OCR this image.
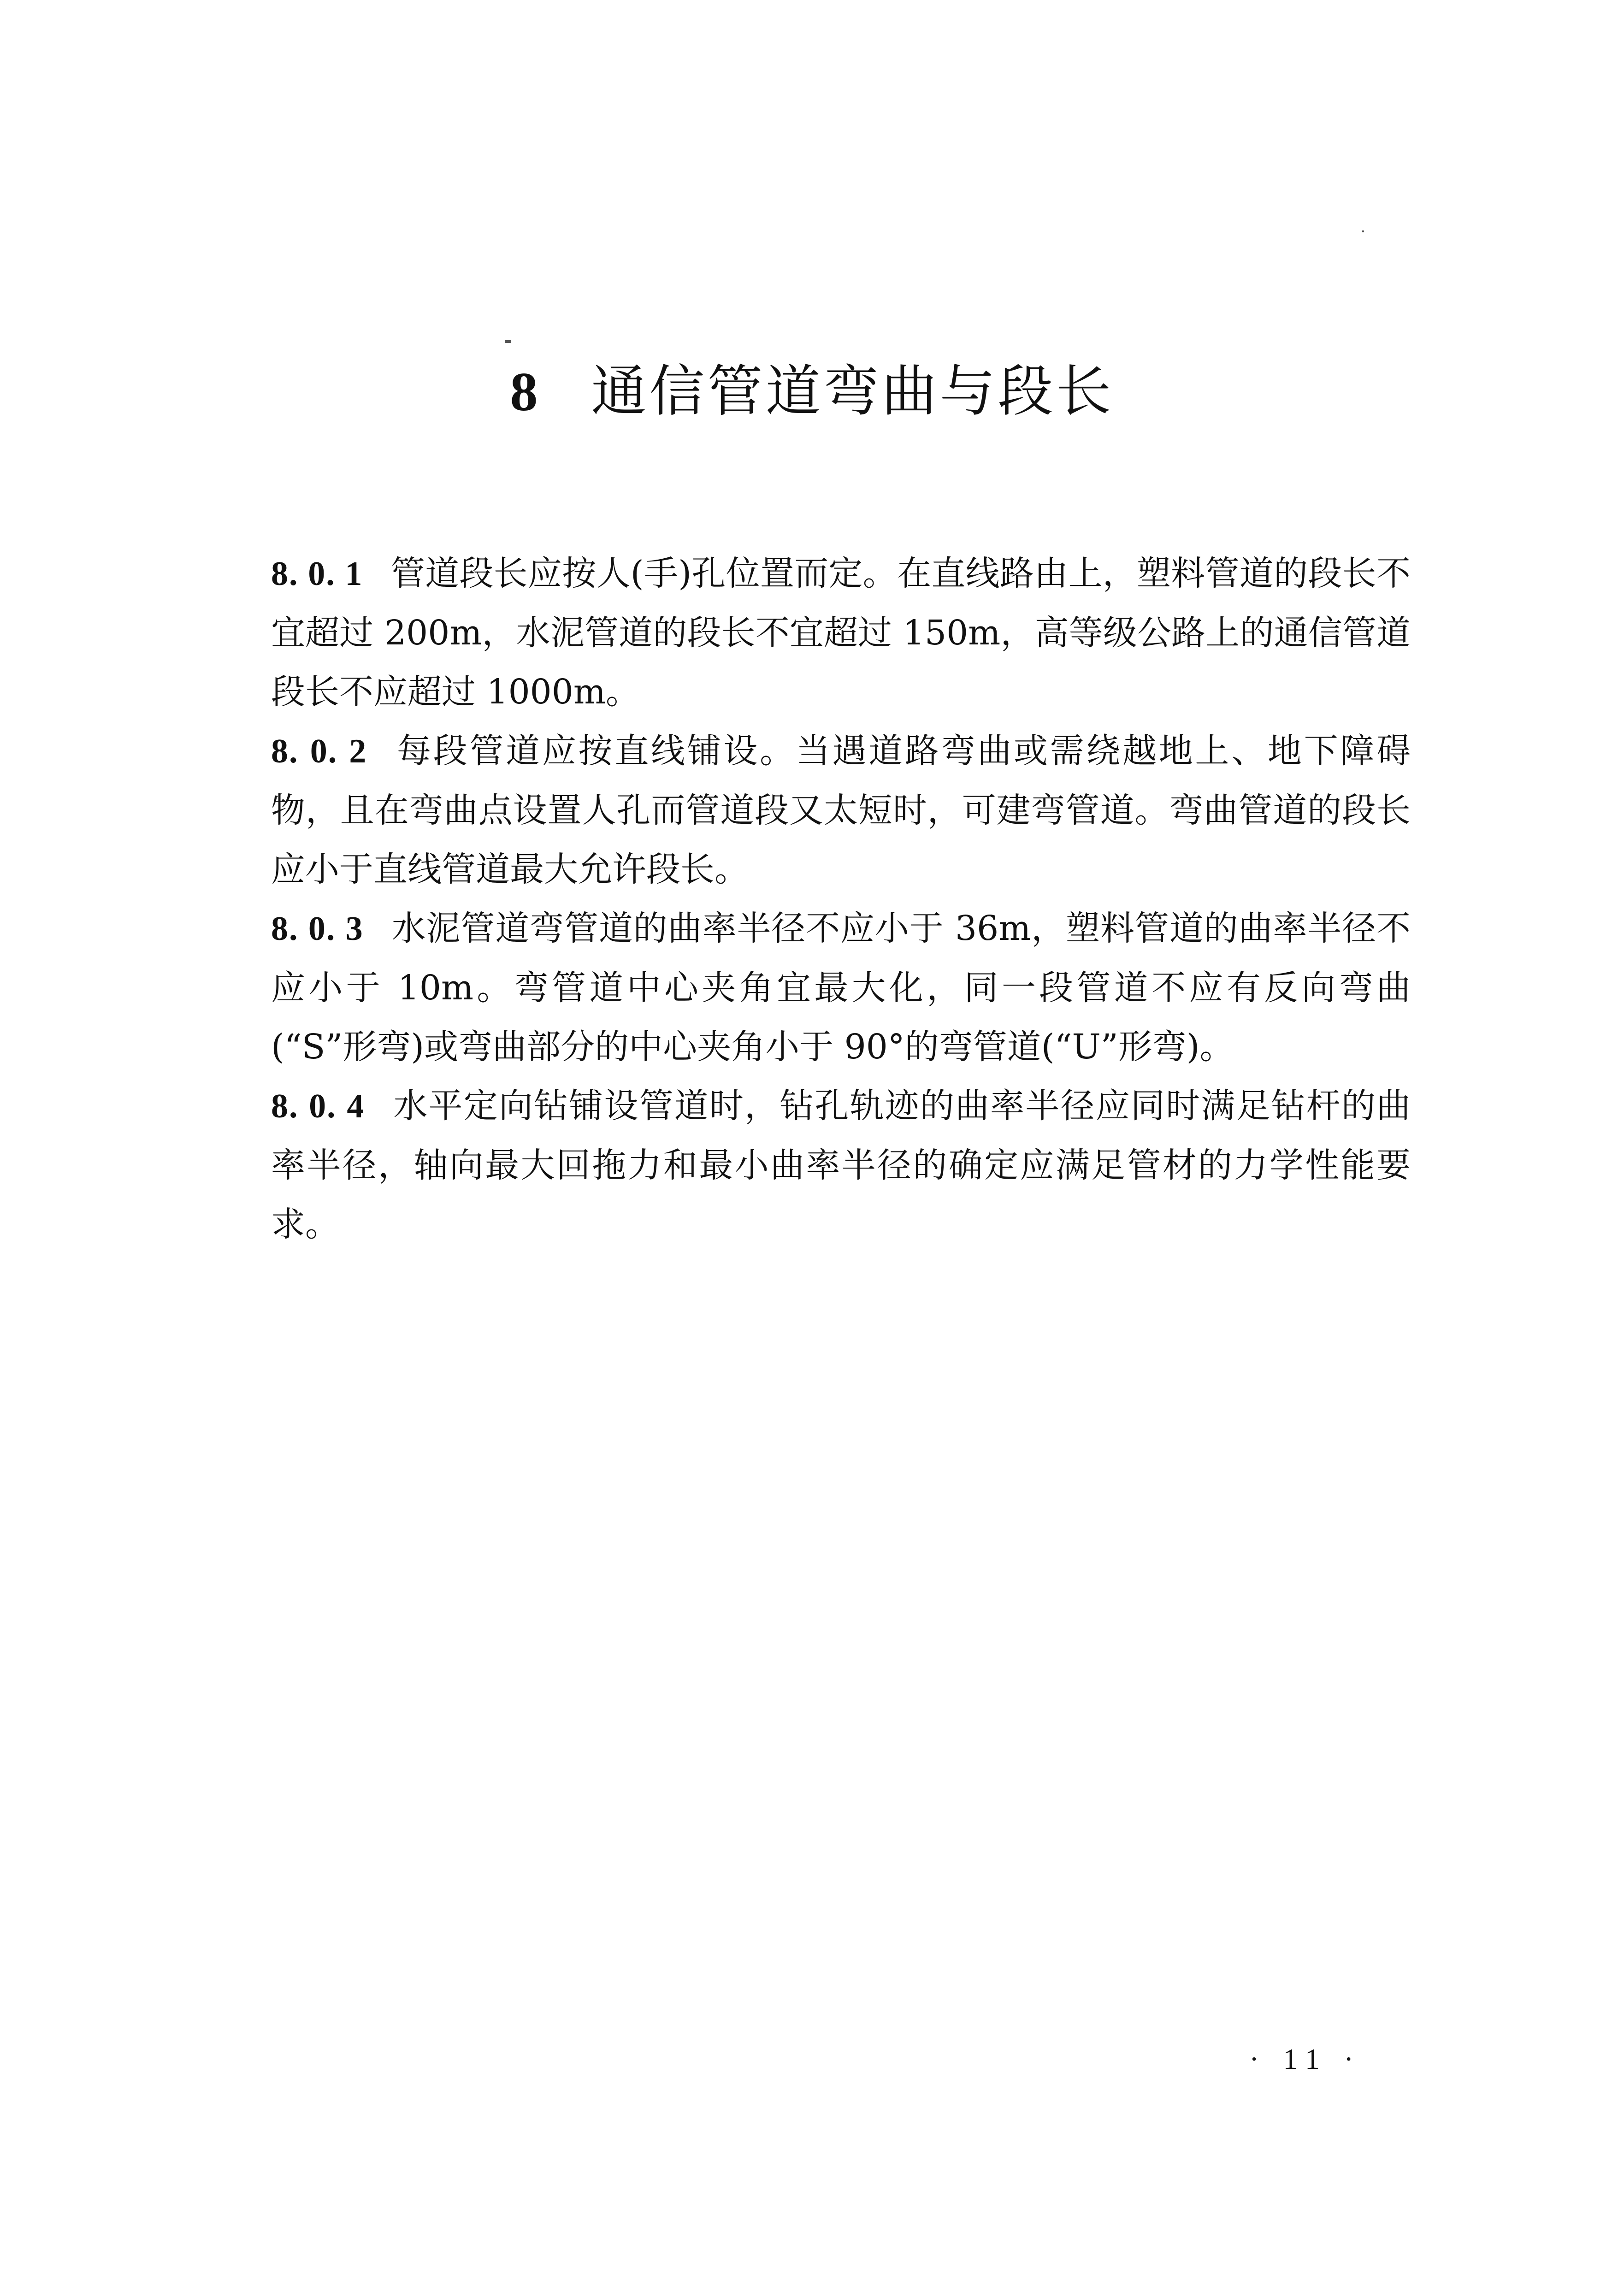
8 通信管道弯曲与段长

8. 0. 1 管道段长应按人(手)孔位置而定。在直线路由上，塑料管道的段长不宜超过 200m，水泥管道的段长不宜超过 150m，高等级公路上的通信管道段长不应超过 1000m。

8. 0. 2 每段管道应按直线铺设。当遇道路弯曲或需绕越地上、地下障碍物，且在弯曲点设置人孔而管道段又太短时，可建弯管道。弯曲管道的段长应小于直线管道最大允许段长。

8. 0. 3 水泥管道弯管道的曲率半径不应小于 36m，塑料管道的曲率半径不应小于 10m。弯管道中心夹角宜最大化，同一段管道不应有反向弯曲(“S”形弯)或弯曲部分的中心夹角小于 90°的弯管道(“U”形弯)。

8. 0. 4 水平定向钻铺设管道时，钻孔轨迹的曲率半径应同时满足钻杆的曲率半径，轴向最大回拖力和最小曲率半径的确定应满足管材的力学性能要求。

· 11 ·
